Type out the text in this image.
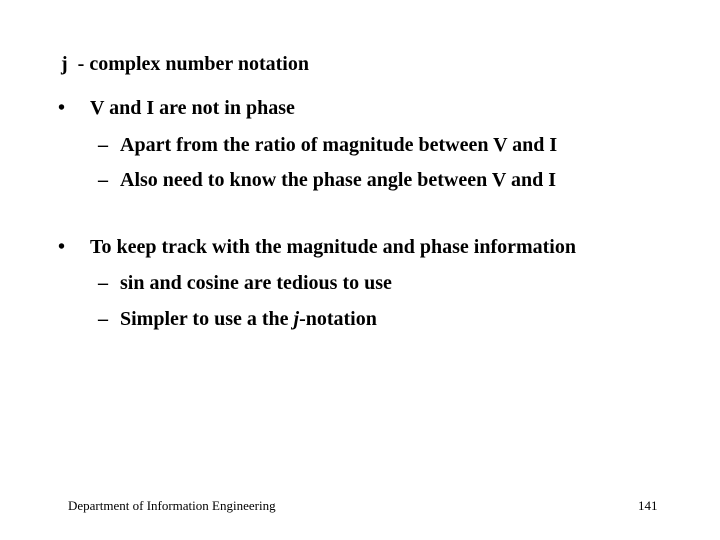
j  - complex number notation
• V and I are not in phase
– Apart from the ratio of magnitude between V and I
– Also need to know the phase angle between V and I
• To keep track with the magnitude and phase information
– sin and cosine are tedious to use
– Simpler to use a the j-notation
Department of Information Engineering	141
